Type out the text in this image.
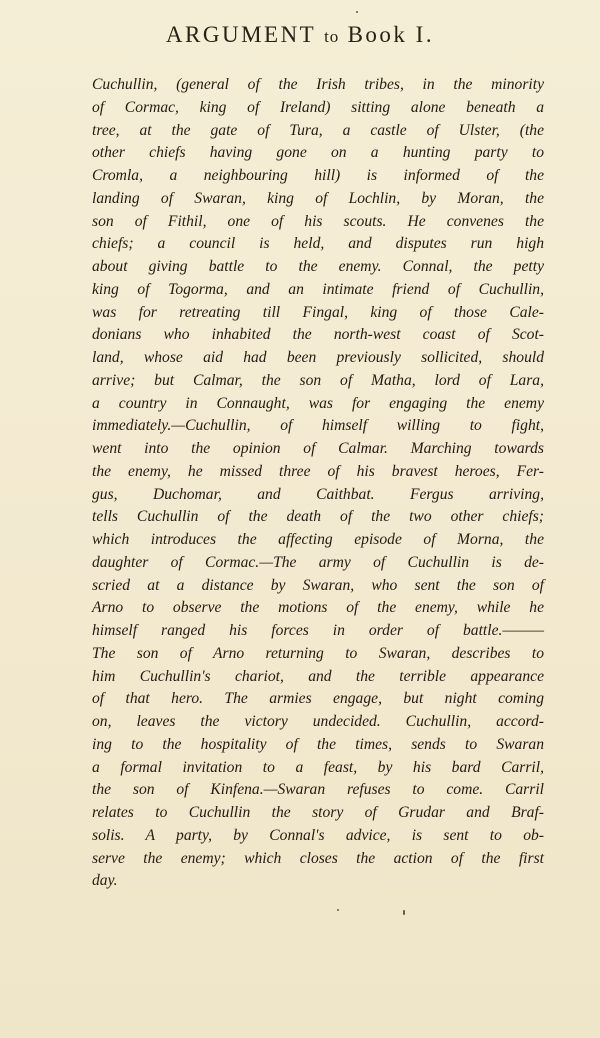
ARGUMENT to Book I.
Cuchullin, (general of the Irish tribes, in the minority
of Cormac, king of Ireland) sitting alone beneath a
tree, at the gate of Tura, a castle of Ulster, (the
other chiefs having gone on a hunting party to
Cromla, a neighbouring hill) is informed of the
landing of Swaran, king of Lochlin, by Moran, the
son of Fithil, one of his scouts. He convenes the
chiefs; a council is held, and disputes run high
about giving battle to the enemy. Connal, the petty
king of Togorma, and an intimate friend of Cuchullin,
was for retreating till Fingal, king of those Cale-
donians who inhabited the north-west coast of Scot-
land, whose aid had been previously sollicited, should
arrive; but Calmar, the son of Matha, lord of Lara,
a country in Connaught, was for engaging the enemy
immediately.—Cuchullin, of himself willing to fight,
went into the opinion of Calmar. Marching towards
the enemy, he missed three of his bravest heroes, Fer-
gus, Duchomar, and Caithbat. Fergus arriving,
tells Cuchullin of the death of the two other chiefs;
which introduces the affecting episode of Morna, the
daughter of Cormac.—The army of Cuchullin is de-
scried at a distance by Swaran, who sent the son of
Arno to observe the motions of the enemy, while he
himself ranged his forces in order of battle.———
The son of Arno returning to Swaran, describes to
him Cuchullin's chariot, and the terrible appearance
of that hero. The armies engage, but night coming
on, leaves the victory undecided. Cuchullin, accord-
ing to the hospitality of the times, sends to Swaran
a formal invitation to a feast, by his bard Carril,
the son of Kinfena.—Swaran refuses to come. Carril
relates to Cuchullin the story of Grudar and Braf-
solis. A party, by Connal's advice, is sent to ob-
serve the enemy; which closes the action of the first
day.
